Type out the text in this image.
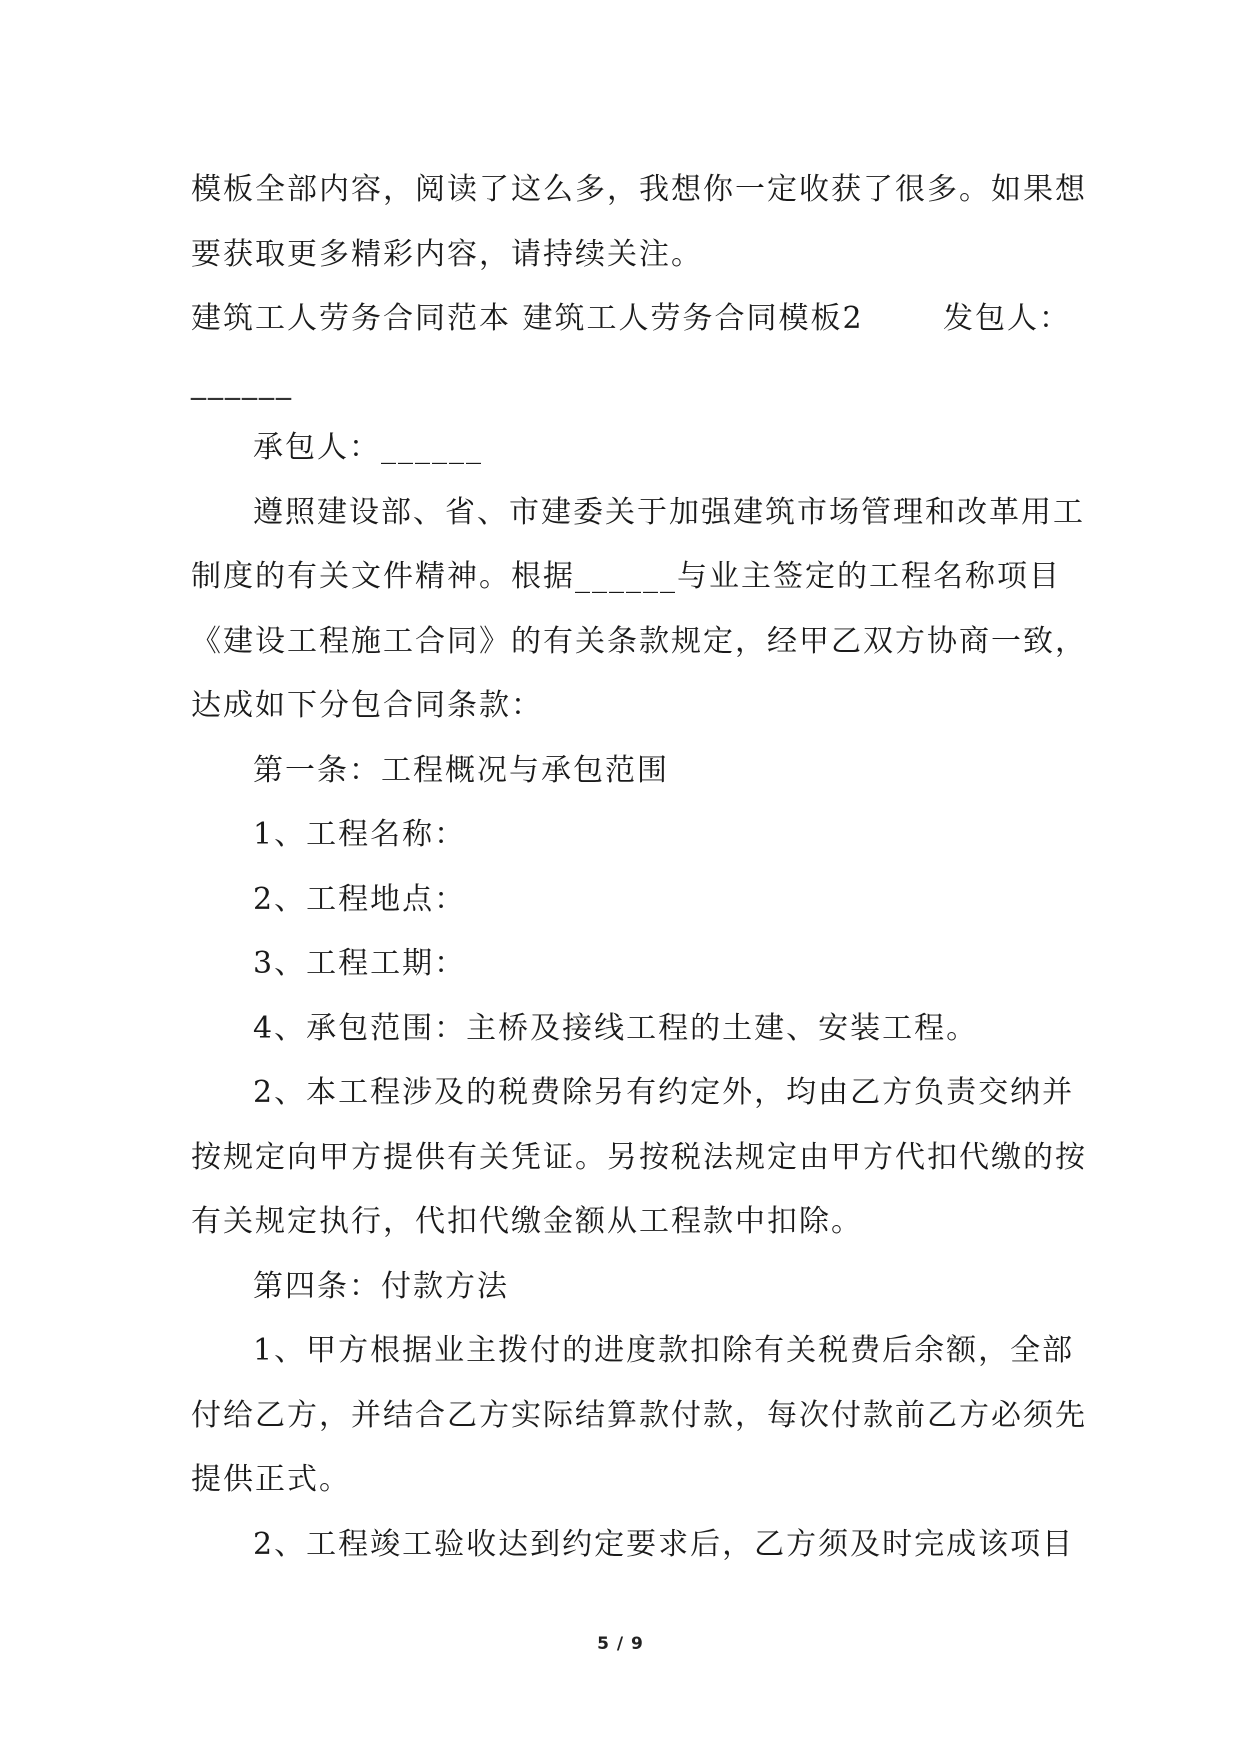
模板全部内容，阅读了这么多，我想你一定收获了很多。如果想
要获取更多精彩内容，请持续关注。
建筑工人劳务合同范本 建筑工人劳务合同模板2	发包人：
______
承包人：______
遵照建设部、省、市建委关于加强建筑市场管理和改革用工
制度的有关文件精神。根据______与业主签定的工程名称项目
《建设工程施工合同》的有关条款规定，经甲乙双方协商一致，
达成如下分包合同条款：
第一条：工程概况与承包范围
1、工程名称：
2、工程地点：
3、工程工期：
4、承包范围：主桥及接线工程的土建、安装工程。
2、本工程涉及的税费除另有约定外，均由乙方负责交纳并
按规定向甲方提供有关凭证。另按税法规定由甲方代扣代缴的按
有关规定执行，代扣代缴金额从工程款中扣除。
第四条：付款方法
1、甲方根据业主拨付的进度款扣除有关税费后余额，全部
付给乙方，并结合乙方实际结算款付款，每次付款前乙方必须先
提供正式。
2、工程竣工验收达到约定要求后，乙方须及时完成该项目
5 / 9
